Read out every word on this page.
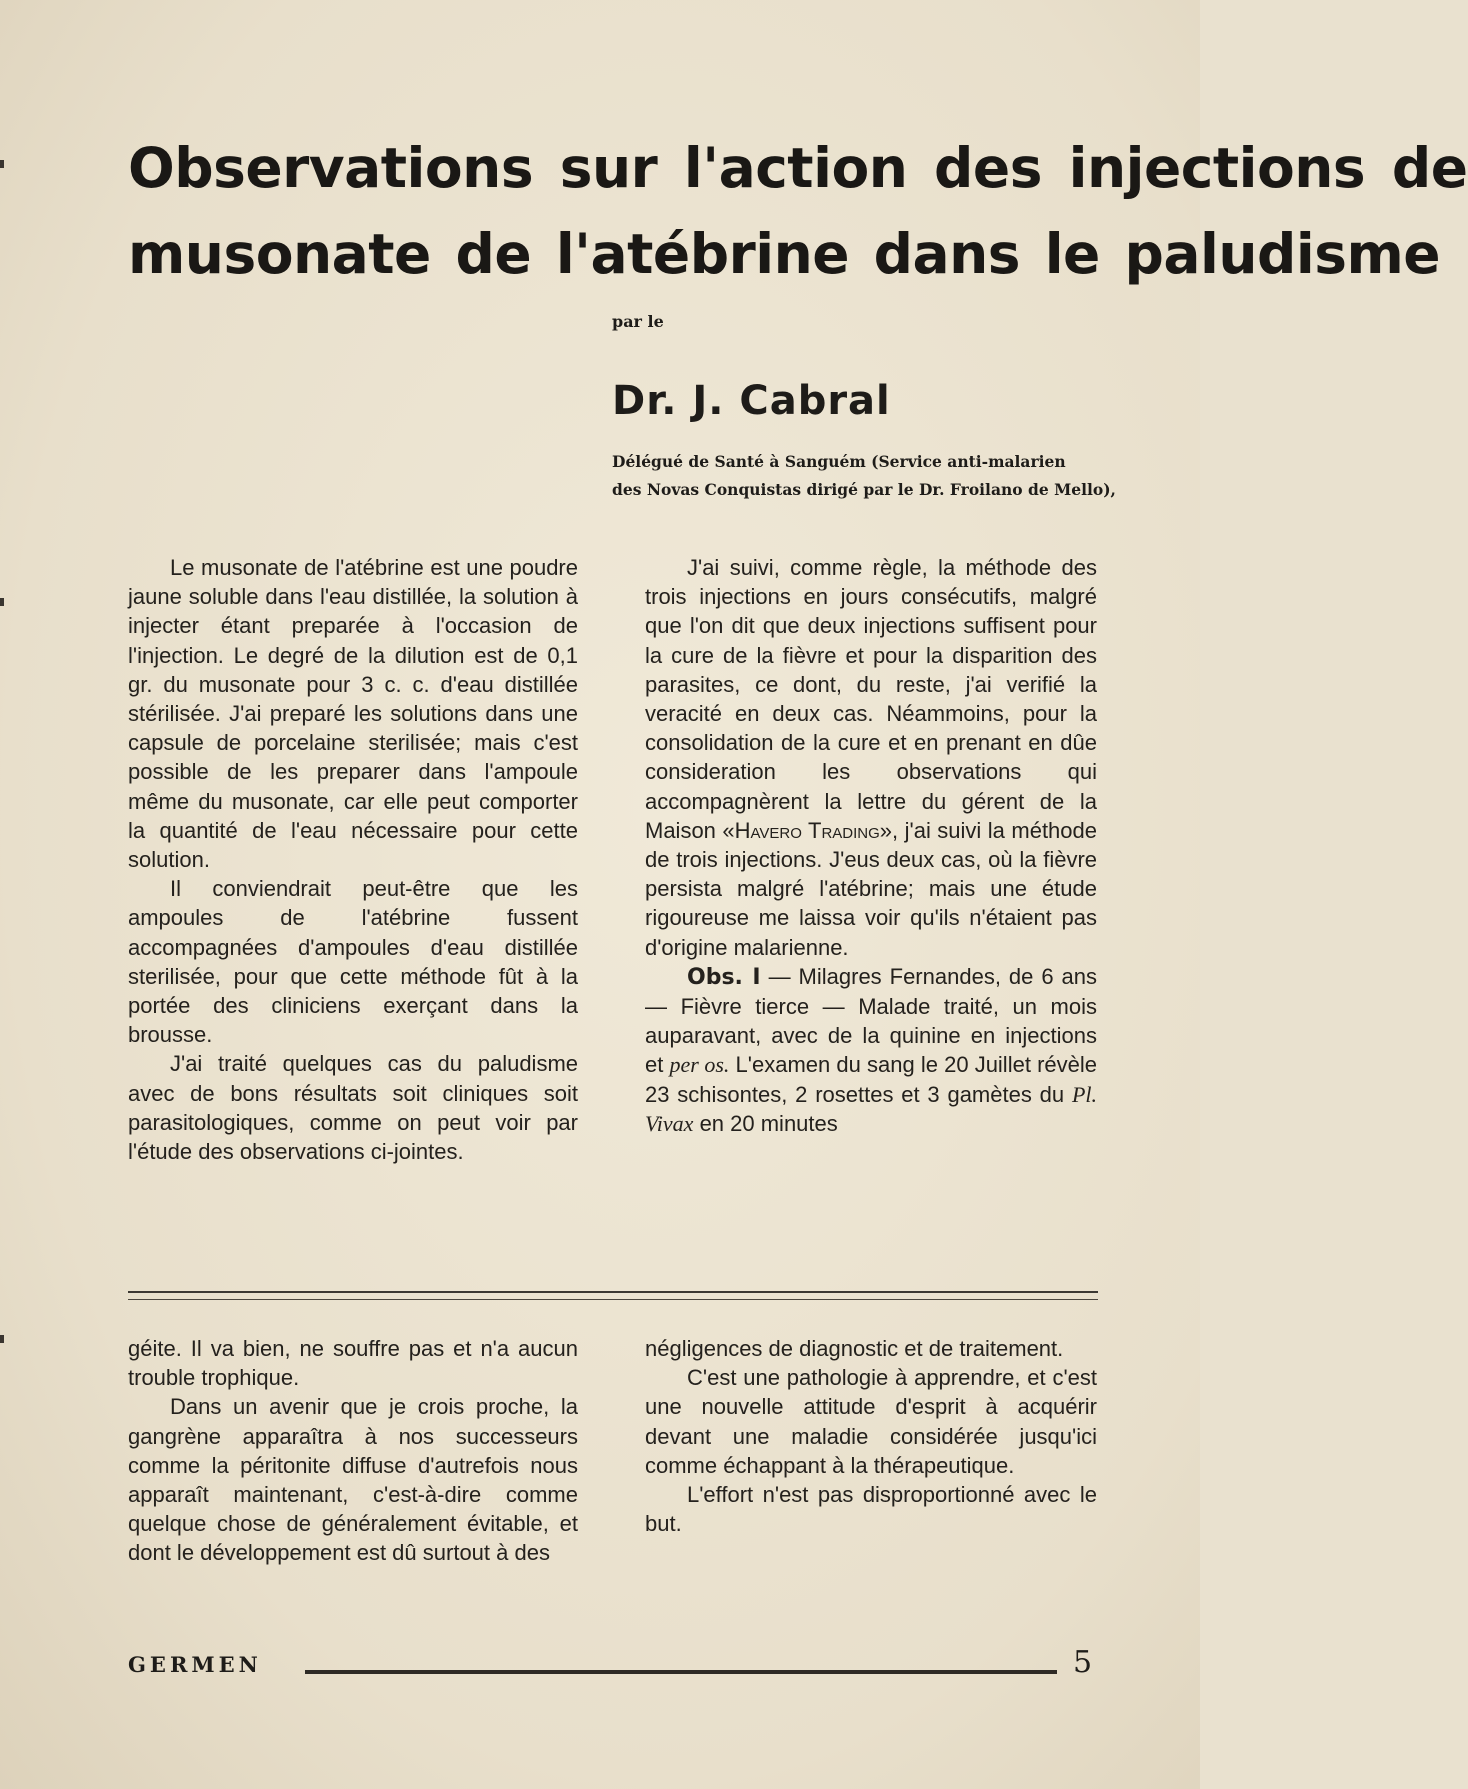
Observations sur l'action des injections de
musonate de l'atébrine dans le paludisme
par le
Dr. J. Cabral
Délégué de Santé à Sanguém (Service anti-malarien
des Novas Conquistas dirigé par le Dr. Froilano de Mello),

Le musonate de l'atébrine est une poudre jaune soluble dans l'eau distillée, la solution à injecter étant preparée à l'occasion de l'injection. Le degré de la dilution est de 0,1 gr. du musonate pour 3 c. c. d'eau distillée stérilisée. J'ai preparé les solutions dans une capsule de porcelaine sterilisée; mais c'est possible de les preparer dans l'ampoule même du musonate, car elle peut comporter la quantité de l'eau nécessaire pour cette solution.

Il conviendrait peut-être que les ampoules de l'atébrine fussent accompagnées d'ampoules d'eau distillée sterilisée, pour que cette méthode fût à la portée des cliniciens exerçant dans la brousse.

J'ai traité quelques cas du paludisme avec de bons résultats soit cliniques soit parasitologiques, comme on peut voir par l'étude des observations ci-jointes.

J'ai suivi, comme règle, la méthode des trois injections en jours consécutifs, malgré que l'on dit que deux injections suffisent pour la cure de la fièvre et pour la disparition des parasites, ce dont, du reste, j'ai verifié la veracité en deux cas. Néammoins, pour la consolidation de la cure et en prenant en dûe consideration les observations qui accompagnèrent la lettre du gérent de la Maison «Havero Trading», j'ai suivi la méthode de trois injections. J'eus deux cas, où la fièvre persista malgré l'atébrine; mais une étude rigoureuse me laissa voir qu'ils n'étaient pas d'origine malarienne.

Obs. I — Milagres Fernandes, de 6 ans — Fièvre tierce — Malade traité, un mois auparavant, avec de la quinine en injections et per os. L'examen du sang le 20 Juillet révèle 23 schisontes, 2 rosettes et 3 gamètes du Pl. Vivax en 20 minutes

géite. Il va bien, ne souffre pas et n'a aucun trouble trophique.

Dans un avenir que je crois proche, la gangrène apparaîtra à nos successeurs comme la péritonite diffuse d'autrefois nous apparaît maintenant, c'est-à-dire comme quelque chose de généralement évitable, et dont le développement est dû surtout à des

négligences de diagnostic et de traitement.

C'est une pathologie à apprendre, et c'est une nouvelle attitude d'esprit à acquérir devant une maladie considérée jusqu'ici comme échappant à la thérapeutique.

L'effort n'est pas disproportionné avec le but.

GERMEN	5
